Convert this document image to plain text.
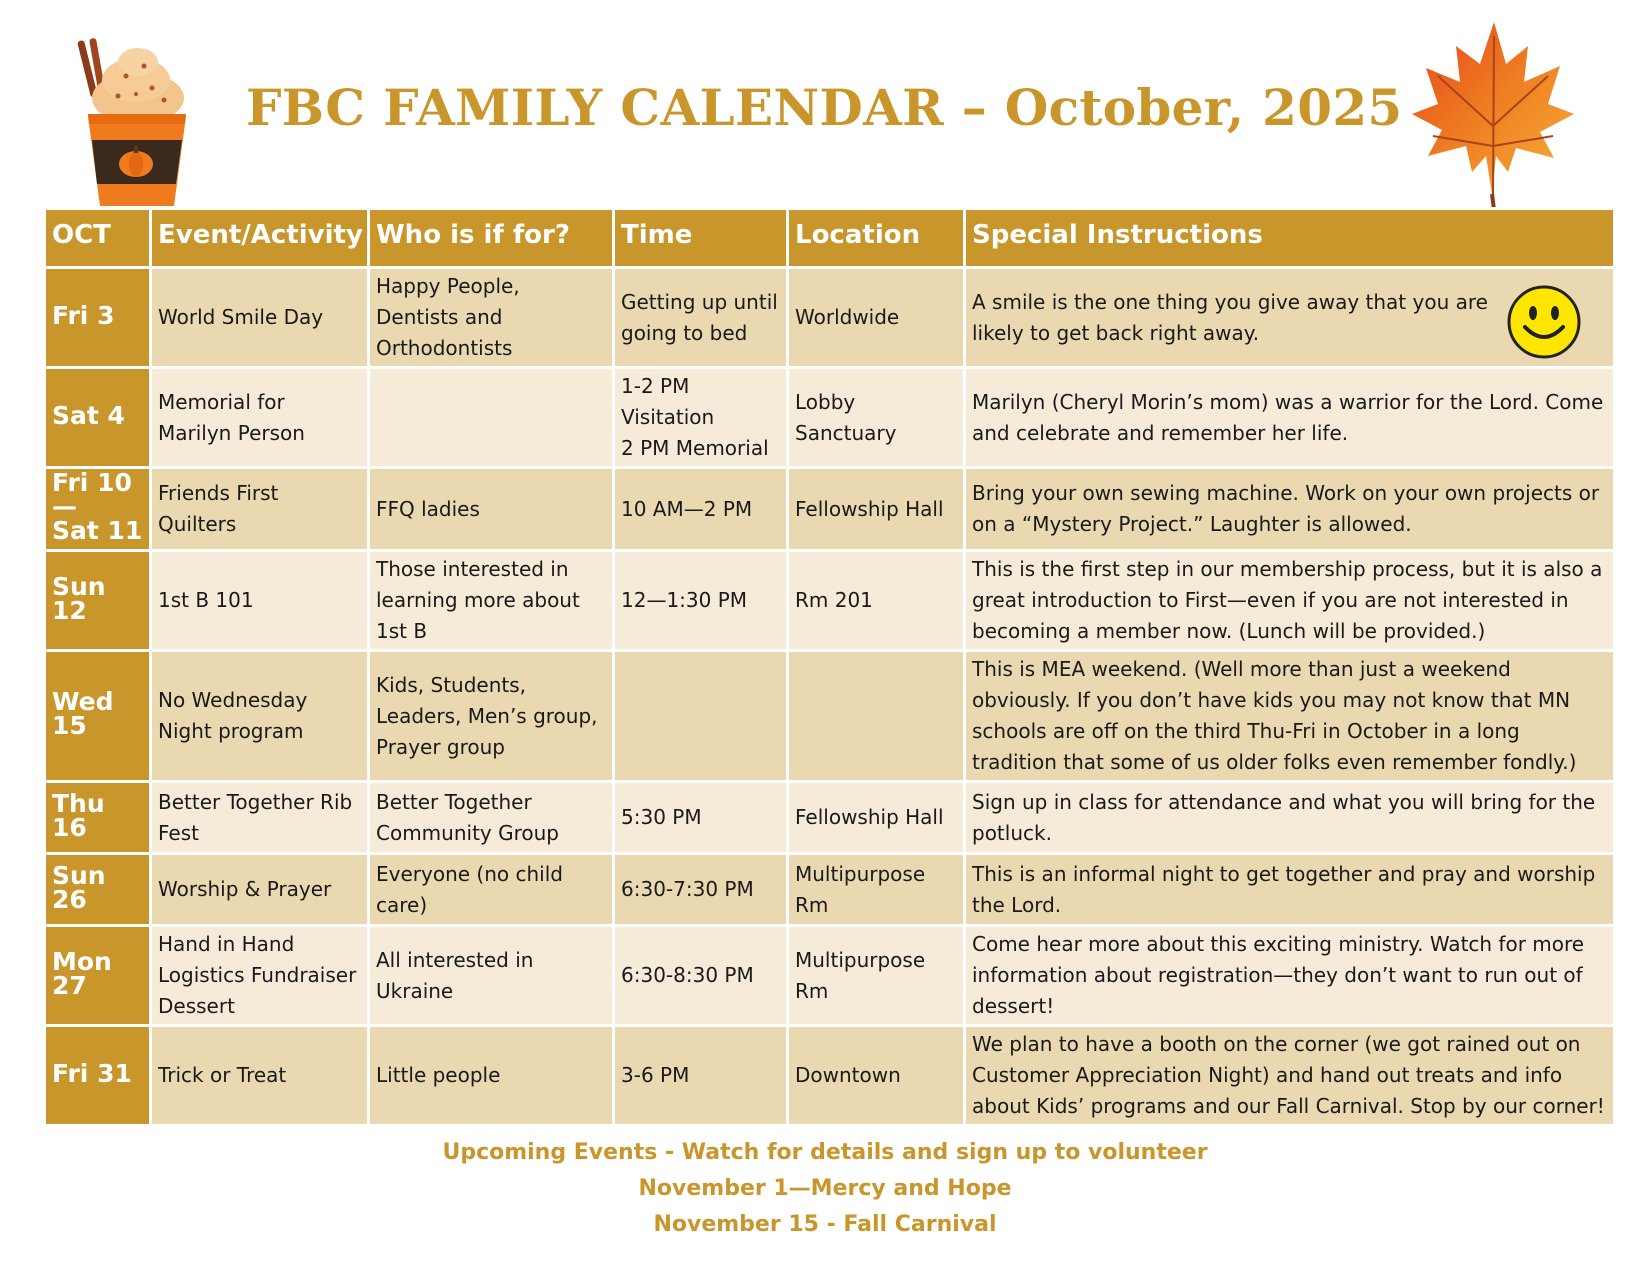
FBC FAMILY CALENDAR – October, 2025
OCT	Event/Activity	Who is if for?	Time	Location	Special Instructions
Fri 3	World Smile Day	Happy People, Dentists and   Orthodontists	Getting up until going to bed	Worldwide	A smile is the one thing you give away that you are
likely to get back right away.

Sat 4	Memorial for Marilyn Person		1-2 PM Visitation
2 PM Memorial	Lobby
Sanctuary	Marilyn (Cheryl Morin’s mom) was a warrior for the Lord. Come and celebrate and remember her life.
Fri 10—
Sat 11	Friends First Quilters	FFQ ladies	10 AM—2 PM	Fellowship Hall	Bring your own sewing machine. Work on your own projects or on a “Mystery Project.” Laughter is allowed.
Sun 12	1st B 101	Those interested in learning more about 1st B	12—1:30 PM	Rm 201	This is the first step in our membership process, but it is also a great introduction to First—even if you are not interested in becoming a member now. (Lunch will be provided.)
Wed 15	No Wednesday Night program	Kids, Students, Leaders, Men’s group, Prayer group			This is MEA weekend. (Well more than just a weekend obviously. If you don’t have kids you may not know that MN schools are off on the third Thu-Fri in October in a long tradition that some of us older folks even remember fondly.)
Thu 16	Better Together Rib Fest	Better Together Community Group	5:30 PM	Fellowship Hall	Sign up in class for attendance and what you will bring for the potluck.
Sun 26	Worship & Prayer	Everyone (no child care)	6:30-7:30 PM	Multipurpose Rm	This is an informal night to get together and pray and worship the Lord.
Mon 27	Hand in Hand Logistics Fundraiser Dessert	All interested in Ukraine	6:30-8:30 PM	Multipurpose Rm	Come hear more about this exciting ministry. Watch for more information about registration—they don’t want to run out of dessert!
Fri 31	Trick or Treat	Little people	3-6 PM	Downtown	We plan to have a booth on the corner (we got rained out on Customer Appreciation Night) and hand out treats and info about Kids’ programs and our Fall Carnival. Stop by our corner!
Upcoming Events - Watch for details and sign up to volunteer
November 1—Mercy and Hope
November 15 - Fall Carnival
